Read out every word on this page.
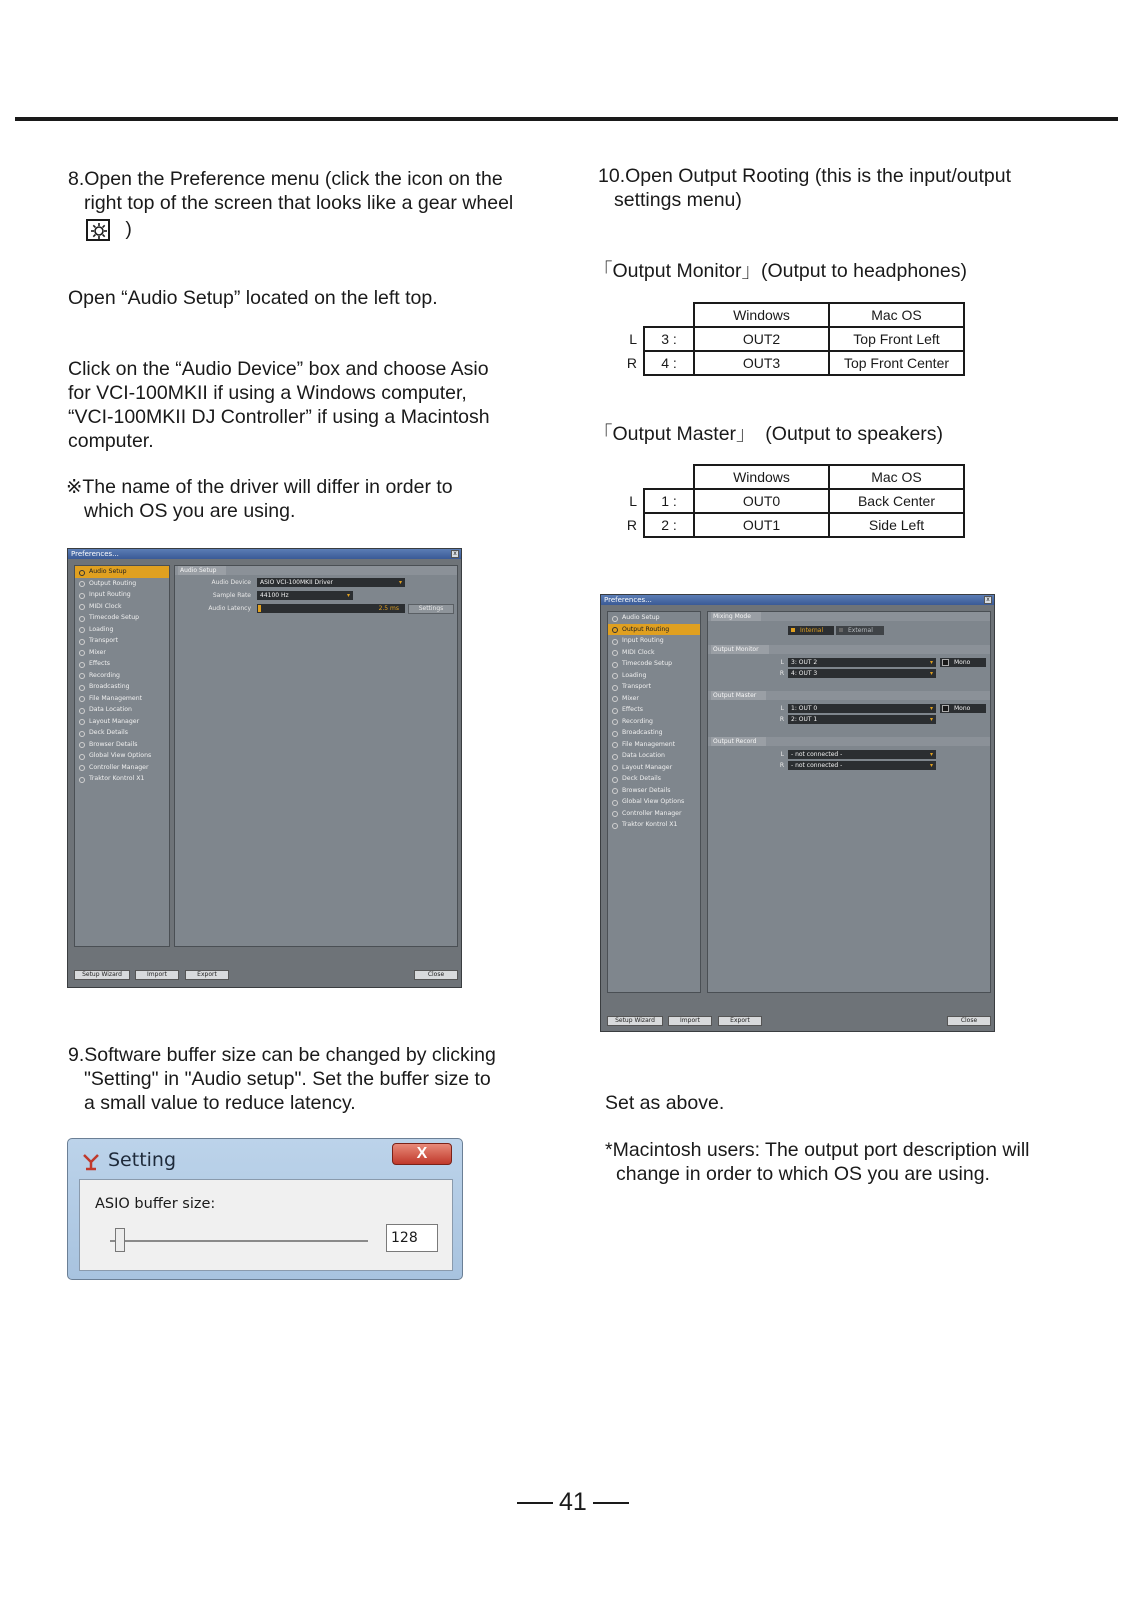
8.Open the Preference menu (click the icon on the
right top of the screen that looks like a gear wheel
)
Open “Audio Setup” located on the left top.
Click on the “Audio Device” box and choose Asio
for VCI-100MKII if using a Windows computer,
“VCI-100MKII DJ Controller” if using a Macintosh
computer.
※The name of the driver will differ in order to
which OS you are using.
Preferences...	x
Audio Setup
Output Routing
Input Routing
MIDI Clock
Timecode Setup
Loading
Transport
Mixer
Effects
Recording
Broadcasting
File Management
Data Location
Layout Manager
Deck Details
Browser Details
Global View Options
Controller Manager
Traktor Kontrol X1
Audio Setup
Audio Device	ASIO VCI-100MKII Driver	▾
Sample Rate	44100 Hz	▾
Audio Latency	2.5 ms	Settings
Setup Wizard	Import	Export	Close
9.Software buffer size can be changed by clicking
"Setting" in "Audio setup". Set the buffer size to
a small value to reduce latency.
Setting	X
ASIO buffer size:
128
10.Open Output Rooting (this is the input/output
settings menu)
「Output Monitor」(Output to headphones)
		Windows	Mac OS
L	3 :	OUT2	Top Front Left
R	4 :	OUT3	Top Front Center
「Output Master」　(Output to speakers)
		Windows	Mac OS
L	1 :	OUT0	Back Center
R	2 :	OUT1	Side Left
Preferences...	x
Audio Setup
Output Routing
Input Routing
MIDI Clock
Timecode Setup
Loading
Transport
Mixer
Effects
Recording
Broadcasting
File Management
Data Location
Layout Manager
Deck Details
Browser Details
Global View Options
Controller Manager
Traktor Kontrol X1
Mixing Mode
Internal	External
Output Monitor
L	3: OUT 2	▾
R	4: OUT 3	▾
Mono
Output Master
L	1: OUT 0	▾
R	2: OUT 1	▾
Mono
Output Record
L	- not connected -	▾
R	- not connected -	▾
Setup Wizard	Import	Export	Close
Set as above.
*Macintosh users: The output port description will
change in order to which OS you are using.
41
